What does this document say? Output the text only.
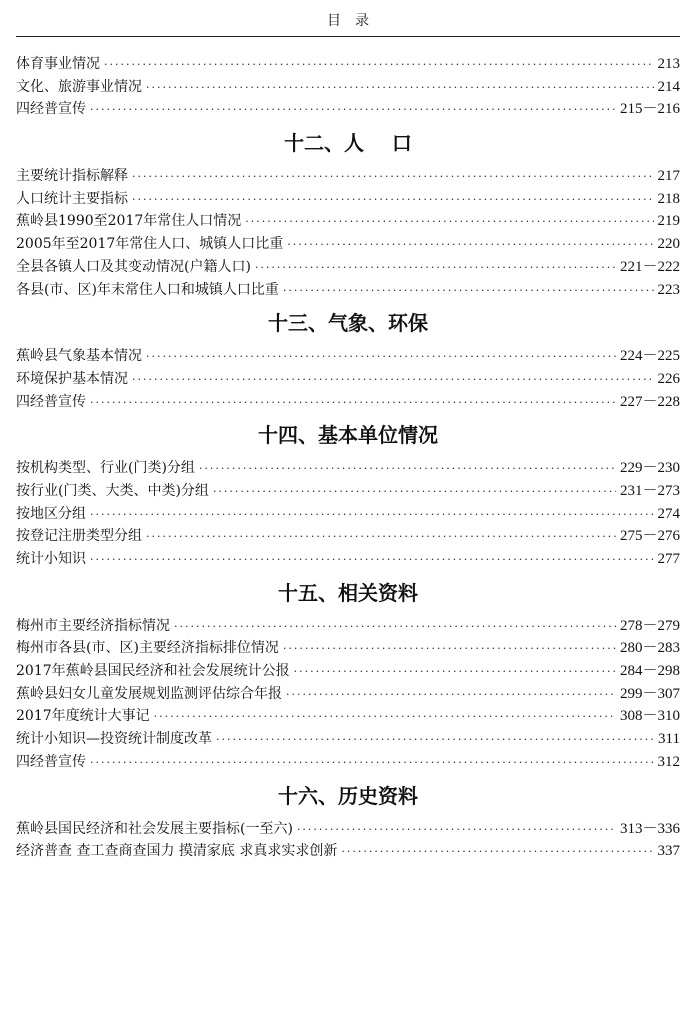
目录
体育事业情况 ·····	213
文化、旅游事业情况 ·····	214
四经普宣传 ·····	215－216
十二、人    口
主要统计指标解释 ·····	217
人口统计主要指标 ·····	218
蕉岭县1990至2017年常住人口情况 ·····	219
2005年至2017年常住人口、城镇人口比重 ·····	220
全县各镇人口及其变动情况(户籍人口) ·····	221－222
各县(市、区)年末常住人口和城镇人口比重 ·····	223
十三、气象、环保
蕉岭县气象基本情况 ·····	224－225
环境保护基本情况 ·····	226
四经普宣传 ·····	227－228
十四、基本单位情况
按机构类型、行业(门类)分组 ·····	229－230
按行业(门类、大类、中类)分组 ·····	231－273
按地区分组 ·····	274
按登记注册类型分组 ·····	275－276
统计小知识 ·····	277
十五、相关资料
梅州市主要经济指标情况 ·····	278－279
梅州市各县(市、区)主要经济指标排位情况 ·····	280－283
2017年蕉岭县国民经济和社会发展统计公报 ·····	284－298
蕉岭县妇女儿童发展规划监测评估综合年报 ·····	299－307
2017年度统计大事记 ·····	308－310
统计小知识—投资统计制度改革 ·····	311
四经普宣传 ·····	312
十六、历史资料
蕉岭县国民经济和社会发展主要指标(一至六) ·····	313－336
经济普查 查工查商查国力 摸清家底 求真求实求创新 ·····	337
